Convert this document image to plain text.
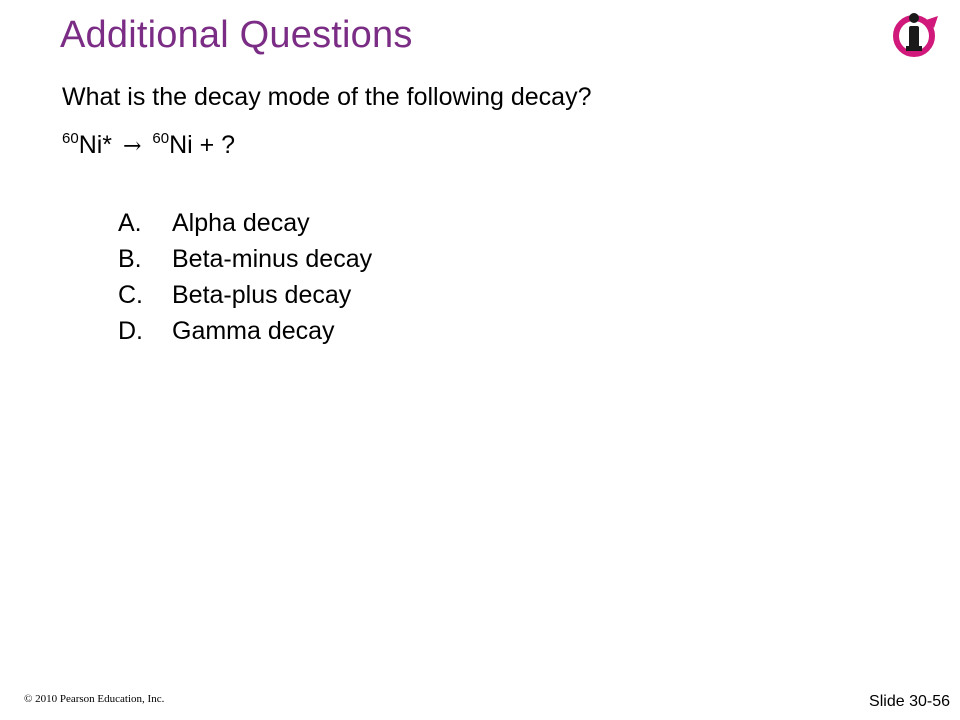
Additional Questions
What is the decay mode of the following decay?
$^{60}$Ni* → $^{60}$Ni + ?
A.	Alpha decay
B.	Beta-minus decay
C.	Beta-plus decay
D.	Gamma decay
© 2010 Pearson Education, Inc.	Slide 30-56
